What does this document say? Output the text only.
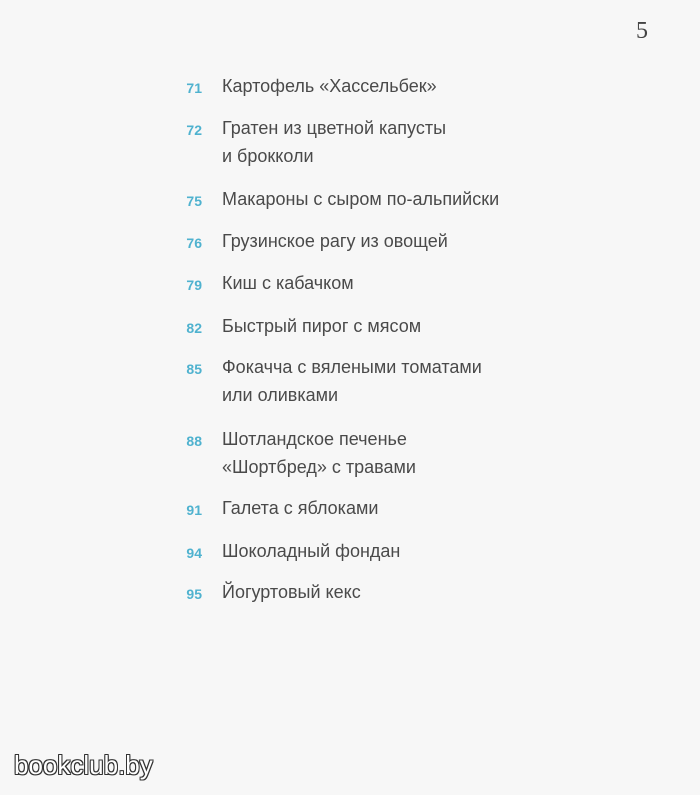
5
71 Картофель «Хассельбек»
72 Гратен из цветной капусты
и брокколи
75 Макароны с сыром по-альпийски
76 Грузинское рагу из овощей
79 Киш с кабачком
82 Быстрый пирог с мясом
85 Фокачча с вялеными томатами
или оливками
88 Шотландское печенье
«Шортбред» с травами
91 Галета с яблоками
94 Шоколадный фондан
95 Йогуртовый кекс
bookclub.by
